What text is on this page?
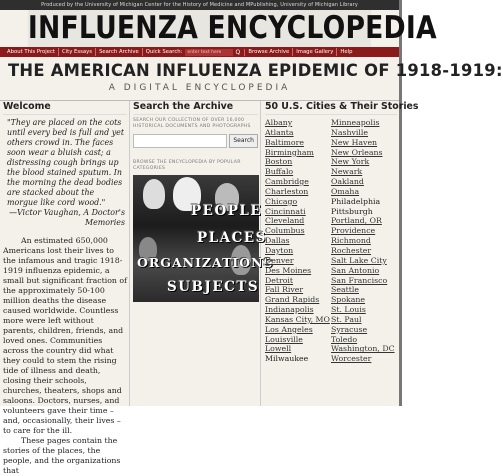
Produced by the University of Michigan Center for the History of Medicine and MPublishing, University of Michigan Library
INFLUENZA ENCYCLOPEDIA
About This Project	City Essays	Search Archive	Quick Search:	enter text here	Q	Browse Archive	Image Gallery	Help
THE AMERICAN INFLUENZA EPIDEMIC OF 1918-1919:
A DIGITAL ENCYCLOPEDIA
Welcome

"They are placed on the cots until every bed is full and yet others crowd in. The faces soon wear a bluish cast; a distressing cough brings up the blood stained sputum. In the morning the dead bodies are stacked about the morgue like cord wood."

—Victor Vaughan, A Doctor's Memories

An estimated 650,000 Americans lost their lives to the infamous and tragic 1918-1919 influenza epidemic, a small but significant fraction of the approximately 50-100 million deaths the disease caused worldwide. Countless more were left without parents, children, friends, and loved ones. Communities across the country did what they could to stem the rising tide of illness and death, closing their schools, churches, theaters, shops and saloons. Doctors, nurses, and volunteers gave their time – and, occasionally, their lives – to care for the ill.

These pages contain the stories of the places, the people, and the organizations that

Search the Archive
SEARCH OUR COLLECTION OF OVER 16,000 HISTORICAL DOCUMENTS AND PHOTOGRAPHS
Search
BROWSE THE ENCYCLOPEDIA BY POPULAR CATEGORIES
PEOPLE
PLACES
ORGANIZATIONS
SUBJECTS
50 U.S. Cities & Their Stories
Albany
Atlanta
Baltimore
Birmingham
Boston
Buffalo
Cambridge
Charleston
Chicago
Cincinnati
Cleveland
Columbus
Dallas
Dayton
Denver
Des Moines
Detroit
Fall River
Grand Rapids
Indianapolis
Kansas City, MO
Los Angeles
Louisville
Lowell
Milwaukee
Minneapolis
Nashville
New Haven
New Orleans
New York
Newark
Oakland
Omaha
Philadelphia
Pittsburgh
Portland, OR
Providence
Richmond
Rochester
Salt Lake City
San Antonio
San Francisco
Seattle
Spokane
St. Louis
St. Paul
Syracuse
Toledo
Washington, DC
Worcester
